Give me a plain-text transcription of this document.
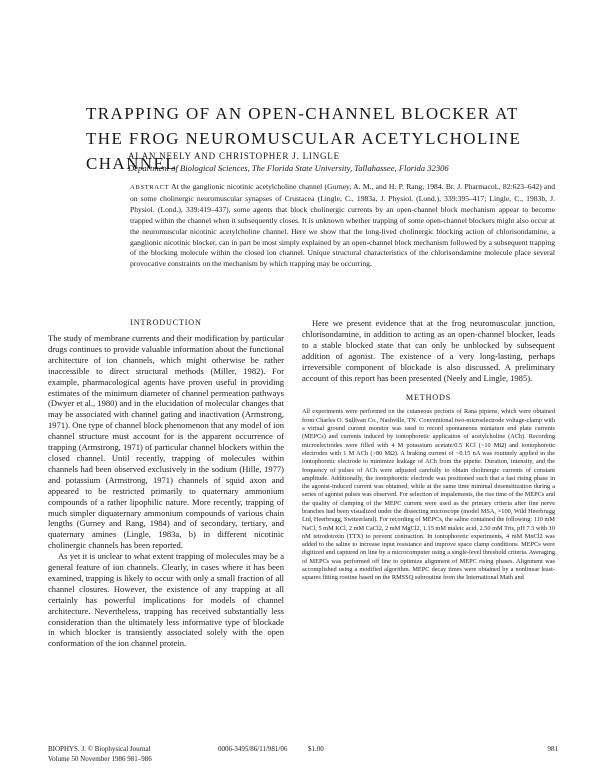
TRAPPING OF AN OPEN-CHANNEL BLOCKER AT THE FROG NEUROMUSCULAR ACETYLCHOLINE CHANNEL

ALAN NEELY AND CHRISTOPHER J. LINGLE

Department of Biological Sciences, The Florida State University, Tallahassee, Florida 32306

ABSTRACT At the ganglionic nicotinic acetylcholine channel (Gurney, A. M., and H. P. Rang, 1984. Br. J. Pharmacol., 82:623–642) and on some cholinergic neuromuscular synapses of Crustacea (Lingle, C., 1983a, J. Physiol. (Lond.), 339:395–417; Lingle, C., 1983b, J. Physiol. (Lond.), 339:419–437), some agents that block cholinergic currents by an open-channel block mechanism appear to become trapped within the channel when it subsequently closes. It is unknown whether trapping of some open-channel blockers might also occur at the neuromuscular nicotinic acetylcholine channel. Here we show that the long-lived cholinergic blocking action of chlorisondamine, a ganglionic nicotinic blocker, can in part be most simply explained by an open-channel block mechanism followed by a subsequent trapping of the blocking molecule within the closed ion channel. Unique structural characteristics of the chlorisondamine molecule place several provocative constraints on the mechanism by which trapping may be occurring.

INTRODUCTION

The study of membrane currents and their modification by particular drugs continues to provide valuable information about the functional architecture of ion channels, which might otherwise be rather inaccessible to direct structural methods (Miller, 1982). For example, pharmacological agents have proven useful in providing estimates of the minimum diameter of channel permeation pathways (Dwyer et al., 1980) and in the elucidation of molecular changes that may be associated with channel gating and inactivation (Armstrong, 1971). One type of channel block phenomenon that any model of ion channel structure must account for is the apparent occurrence of trapping (Armstrong, 1971) of particular channel blockers within the closed channel. Until recently, trapping of molecules within channels had been observed exclusively in the sodium (Hille, 1977) and potassium (Armstrong, 1971) channels of squid axon and appeared to be restricted primarily to quaternary ammonium compounds of a rather lipophilic nature. More recently, trapping of much simpler diquaternary ammonium compounds of various chain lengths (Gurney and Rang, 1984) and of secondary, tertiary, and quaternary amines (Lingle, 1983a, b) in different nicotinic cholinergic channels has been reported.

As yet it is unclear to what extent trapping of molecules may be a general feature of ion channels. Clearly, in cases where it has been examined, trapping is likely to occur with only a small fraction of all channel closures. However, the existence of any trapping at all certainly has powerful implications for models of channel architecture. Nevertheless, trapping has received substantially less consideration than the ultimately less informative type of blockade in which blocker is transiently associated solely with the open conformation of the ion channel protein.

Here we present evidence that at the frog neuromuscular junction, chlorisondamine, in addition to acting as an open-channel blocker, leads to a stable blocked state that can only be unblocked by subsequent addition of agonist. The existence of a very long-lasting, perhaps irreversible component of blockade is also discussed. A preliminary account of this report has been presented (Neely and Lingle, 1985).

METHODS

All experiments were performed on the cutaneous pectoris of Rana pipiens, which were obtained from Charles O. Sullivan Co., Nashville, TN. Conventional two-microelectrode voltage-clamp with a virtual ground current monitor was used to record spontaneous miniature end plate currents (MEPCs) and currents induced by iontophoretic application of acetylcholine (ACh). Recording microelectrodes were filled with 4 M potassium acetate/0.5 KCl (~10 MΩ) and iontophoretic electrodes with 1 M ACh (>80 MΩ). A braking current of ~0.15 nA was routinely applied in the iontophoretic electrode to minimize leakage of ACh from the pipette. Duration, intensity, and the frequency of pulses of ACh were adjusted carefully to obtain cholinergic currents of constant amplitude. Additionally, the iontophoretic electrode was positioned such that a fast rising phase in the agonist-induced current was obtained, while at the same time minimal desensitization during a series of agonist pulses was observed. For selection of impalements, the rise time of the MEPCs and the quality of clamping of the MEPC current were used as the primary criteria after fine nerve branches had been visualized under the dissecting microscope (model MSA, ×100, Wild Heerbrugg Ltd, Heerbrugg, Switzerland). For recording of MEPCs, the saline contained the following: 110 mM NaCl, 5 mM KCl, 2 mM CaCl2, 2 mM MgCl2, 1.15 mM maleic acid, 2.50 mM Tris, pH 7.3 with 10 nM tetrodotoxin (TTX) to prevent contraction. In iontophoretic experiments, 4 mM MnCl2 was added to the saline to increase input resistance and improve space clamp conditions. MEPCs were digitized and captured on line by a microcomputer using a single-level threshold criteria. Averaging of MEPCs was performed off line to optimize alignment of MEPC rising phases. Alignment was accomplished using a modified algorithm. MEPC decay times were obtained by a nonlinear least-squares fitting routine based on the RMSSQ subroutine from the International Math and

BIOPHYS. J. © Biophysical Journal	0006-3495/86/11/981/06	$1.00	981
Volume 50 November 1986 981–986
